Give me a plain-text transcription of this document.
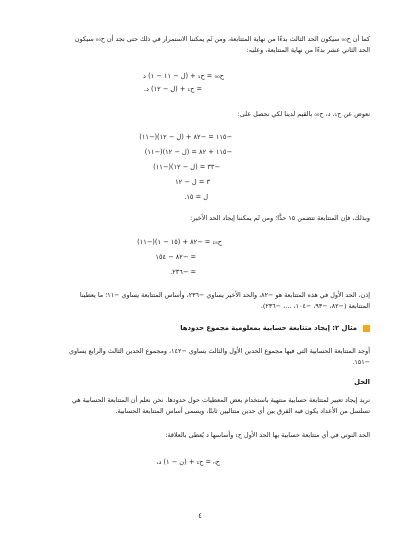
كما أن ح₀₀ سيكون الحد الثالث بدءًا من نهاية المتتابعة، ومن ثَم يمكننا الاستمرار في ذلك حتى نجد أن ح₀₀ سيكون
الحد الثاني عشر بدءًا من نهاية المتتابعة، وعليه:

ح₀₀ = ح₁ + (ل − ١١ − ١) د
= ح₁ + (ل − ١٢) د.

نعوض عن ح₁، د، ح₀₀ بالقيم لدينا لكي نحصل على:

−١١٥ = −٨٢ + (ل − ١٢)(−١١)
−١١٥ + ٨٢ = (ل − ١٢)(−١١)
−٣٣ = (ل − ١٢)(−١١)
٣ = ل − ١٢
ل = ١٥.

وبذلك، فإن المتتابعة تتضمن ١٥ حدًّا؛ ومن ثَم يمكننا إيجاد الحد الأخير:

ح₁₅ = −٨٢ + (١٥ − ١)(−١١)
= −٨٢ − ١٥٤
= −٢٣٦.

إذن، الحد الأول في هذه المتتابعة هو −٨٢، والحد الأخير يساوي −٢٣٦، وأساس المتتابعة يساوي −١١؛ ما يعطينا
المتتابعة (−٨٢، −٩٣، −١٠٤، …، −٢٣٦).

مثال ٢: إيجاد متتابعة حسابية بمعلومية مجموع حدودها

أوجد المتتابعة الحسابية التي فيها مجموع الحدين الأول والثالث يساوي −١٤٢، ومجموع الحدين الثالث والرابع يساوي
−١٥١.

الحل

نريد إيجاد تعبير لمتتابعة حسابية منتهية باستخدام بعض المعطيات حول حدودها. نحن نعلم أن المتتابعة الحسابية هي
تسلسل من الأعداد يكون فيه الفرق بين أي حدين متتاليين ثابتًا، ويسمى أساس المتتابعة الحسابية.

الحد النوني في أي متتابعة حسابية بها الحد الأول ح₁ وأساسها د يُعطى بالعلاقة:

حₙ = ح₁ + (ن − ١) د،
٤
